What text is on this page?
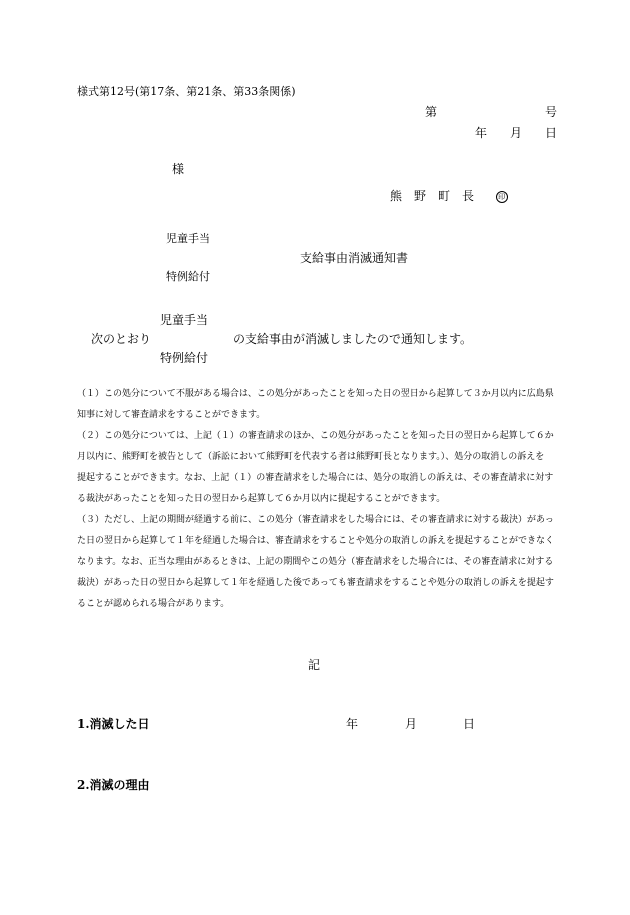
様式第12号(第17条、第21条、第33条関係)
第	号
年 月 日
様
熊　野　町　長	印
児童手当
支給事由消滅通知書
特例給付
児童手当
次のとおり	の支給事由が消滅しましたので通知します。
特例給付

（１）この処分について不服がある場合は、この処分があったことを知った日の翌日から起算して３か月以内に広島県

知事に対して審査請求をすることができます。

（２）この処分については、上記（１）の審査請求のほか、この処分があったことを知った日の翌日から起算して６か

月以内に、熊野町を被告として（訴訟において熊野町を代表する者は熊野町長となります。）、処分の取消しの訴えを

提起することができます。なお、上記（１）の審査請求をした場合には、処分の取消しの訴えは、その審査請求に対す

る裁決があったことを知った日の翌日から起算して６か月以内に提起することができます。

（３）ただし、上記の期間が経過する前に、この処分（審査請求をした場合には、その審査請求に対する裁決）があっ

た日の翌日から起算して１年を経過した場合は、審査請求をすることや処分の取消しの訴えを提起することができなく

なります。なお、正当な理由があるときは、上記の期間やこの処分（審査請求をした場合には、その審査請求に対する

裁決）があった日の翌日から起算して１年を経過した後であっても審査請求をすることや処分の取消しの訴えを提起す

ることが認められる場合があります。

記
1.消滅した日	年	月	日
2.消滅の理由
